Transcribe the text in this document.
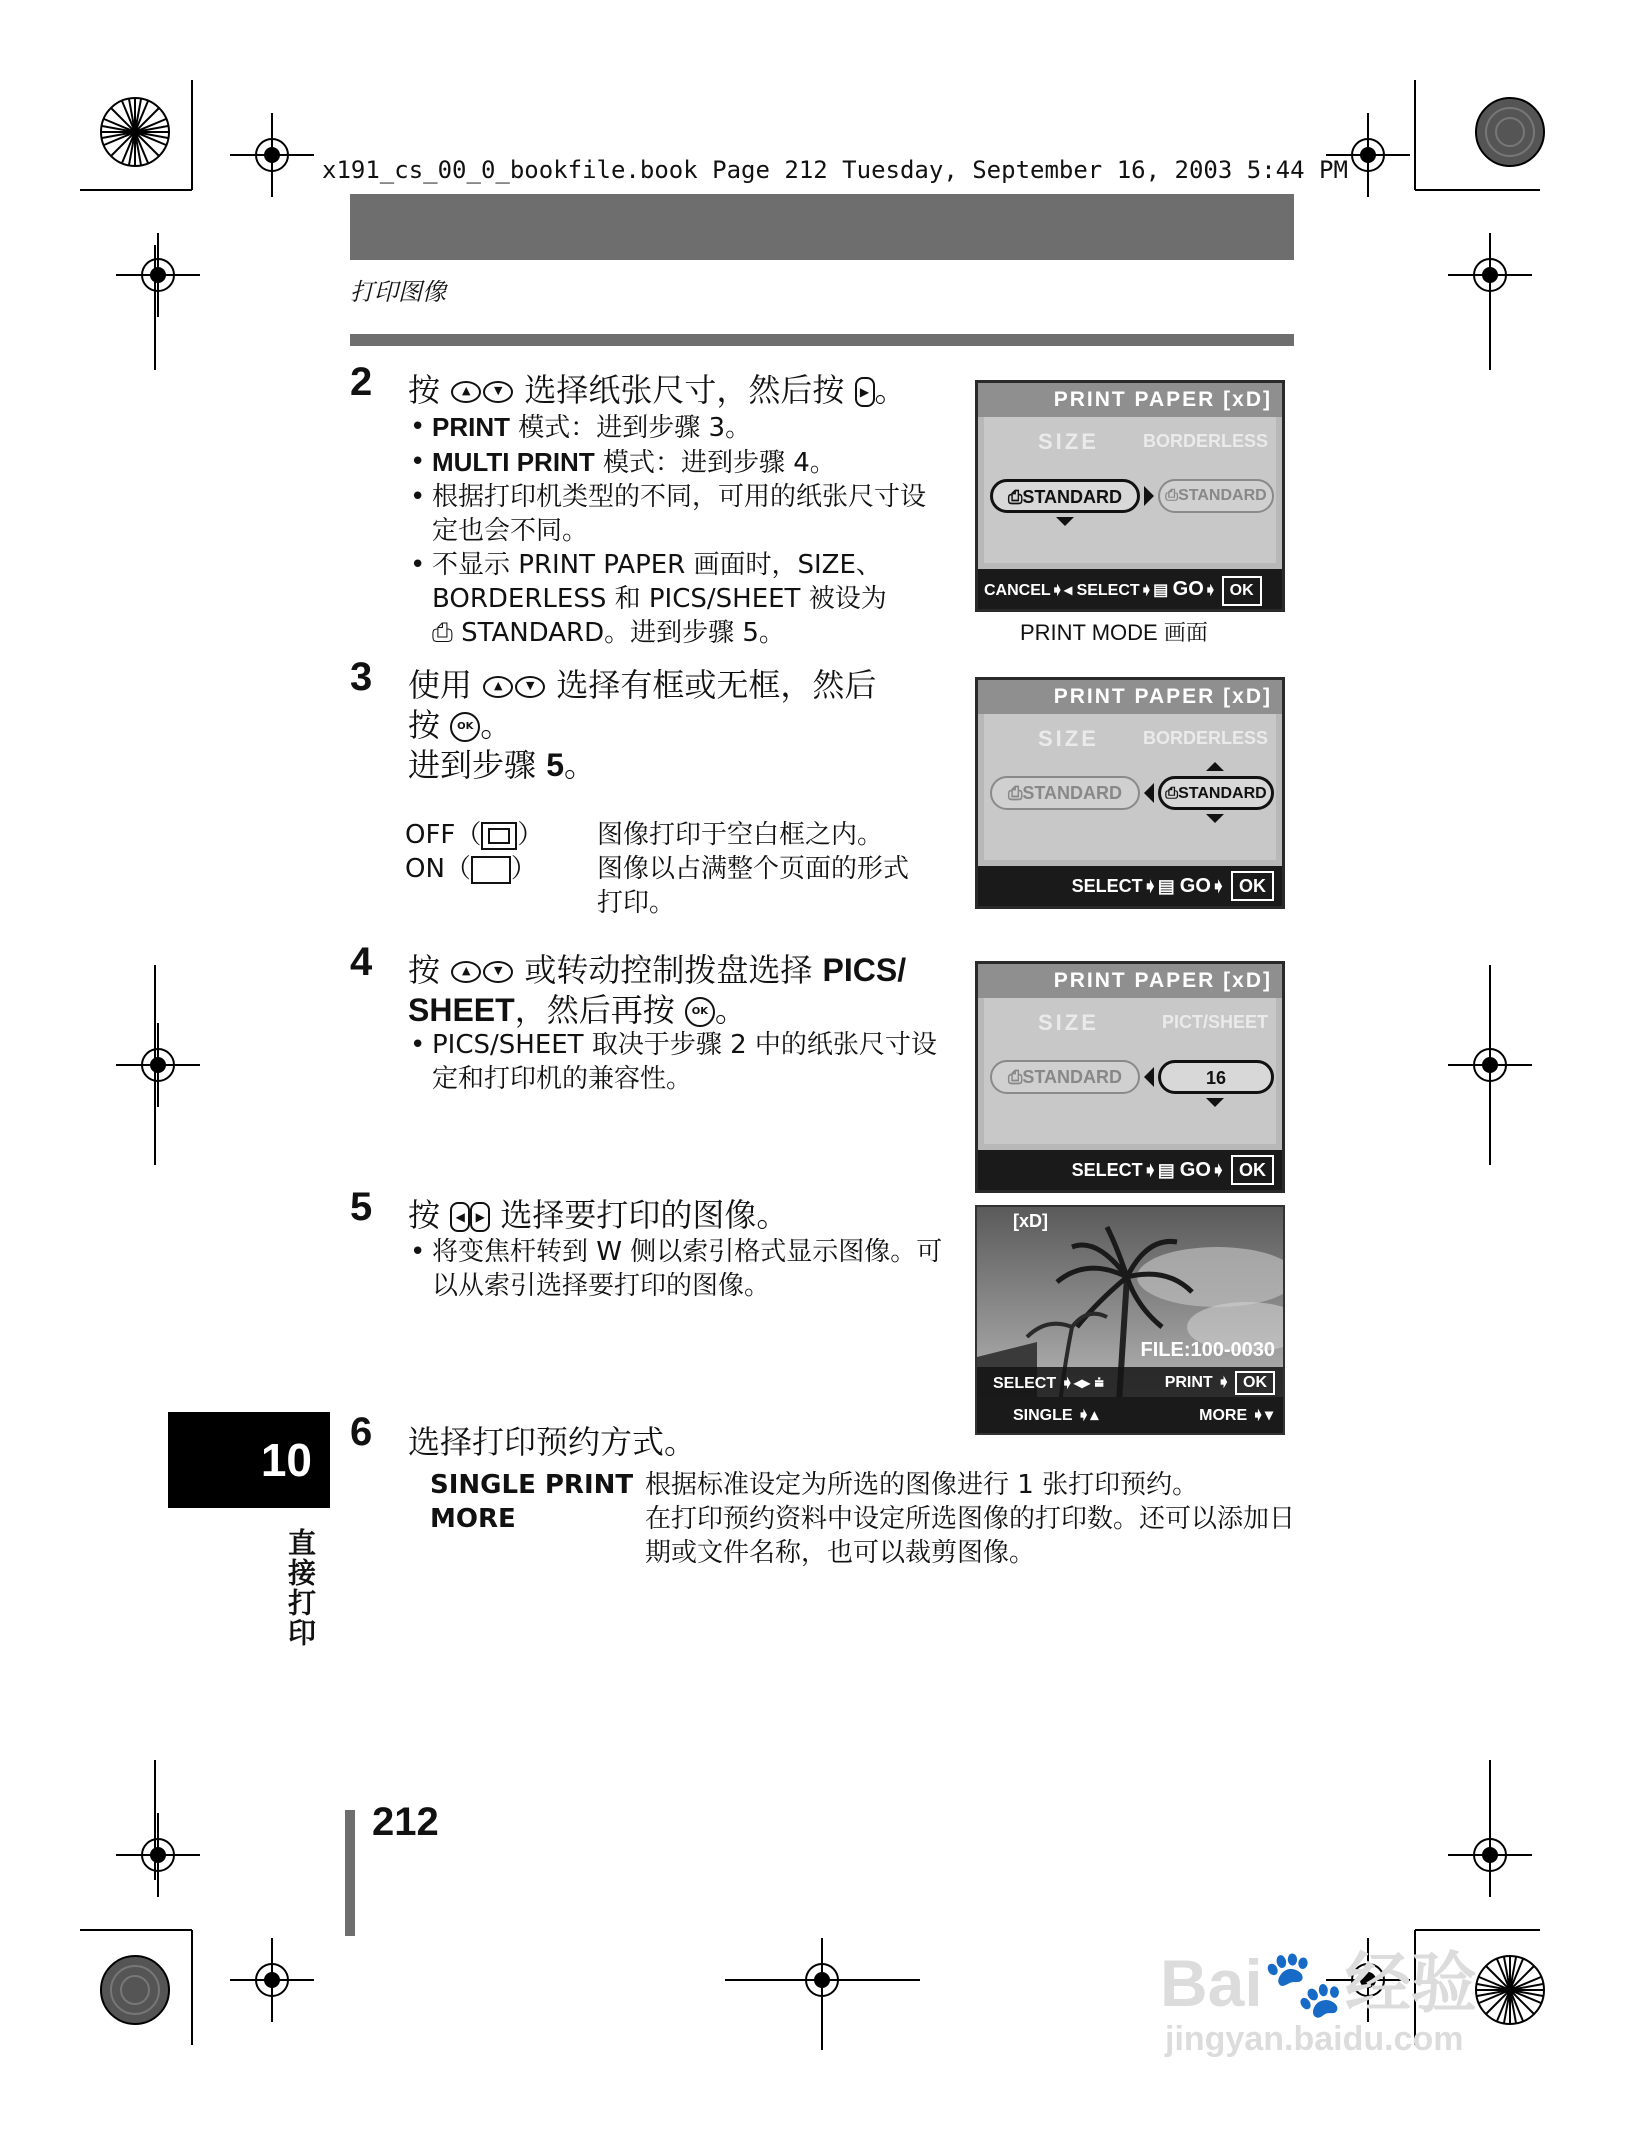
x191_cs_00_0_bookfile.book Page 212 Tuesday, September 16, 2003 5:44 PM
打印图像
2 按 ▲ ▼ 选择纸张尺寸，然后按 ▶ 。
• PRINT 模式：进到步骤 3。
• MULTI PRINT 模式：进到步骤 4。
• 根据打印机类型的不同，可用的纸张尺寸设定也会不同。
• 不显示 PRINT PAPER 画面时，SIZE、BORDERLESS 和 PICS/SHEET 被设为
⎙ STANDARD。进到步骤 5。
PRINT PAPER [xD]
SIZE BORDERLESS
⎙STANDARD	⎙STANDARD
CANCEL➧◂ SELECT➧▤ GO➧ OK
PRINT MODE 画面
3 使用 ▲ ▼ 选择有框或无框，然后
按 OK 。
进到步骤 5。
OFF（ ） 图像打印于空白框之内。
ON（ ） 图像以占满整个页面的形式打印。
PRINT PAPER [xD]
SIZE BORDERLESS
⎙STANDARD	⎙STANDARD
SELECT➧▤ GO➧ OK
4 按 ▲ ▼ 或转动控制拨盘选择 PICS/
SHEET，然后再按 OK 。
• PICS/SHEET 取决于步骤 2 中的纸张尺寸设定和打印机的兼容性。
PRINT PAPER [xD]
SIZE	PICT/SHEET
⎙STANDARD	16
SELECT➧▤ GO➧ OK
5 按 ◀ ▶ 选择要打印的图像。
• 将变焦杆转到 W 侧以索引格式显示图像。可以从索引选择要打印的图像。
[xD]
FILE:100-0030
SELECT ➧◂▸ ⩧	PRINT ➧ OK
SINGLE ➧▴	MORE ➧▾
6 选择打印预约方式。
SINGLE PRINT 根据标准设定为所选的图像进行 1 张打印预约。
MORE	在打印预约资料中设定所选图像的打印数。还可以添加日期或文件名称，也可以裁剪图像。
10
直接打印
212
Bai🐾经验
jingyan.baidu.com
